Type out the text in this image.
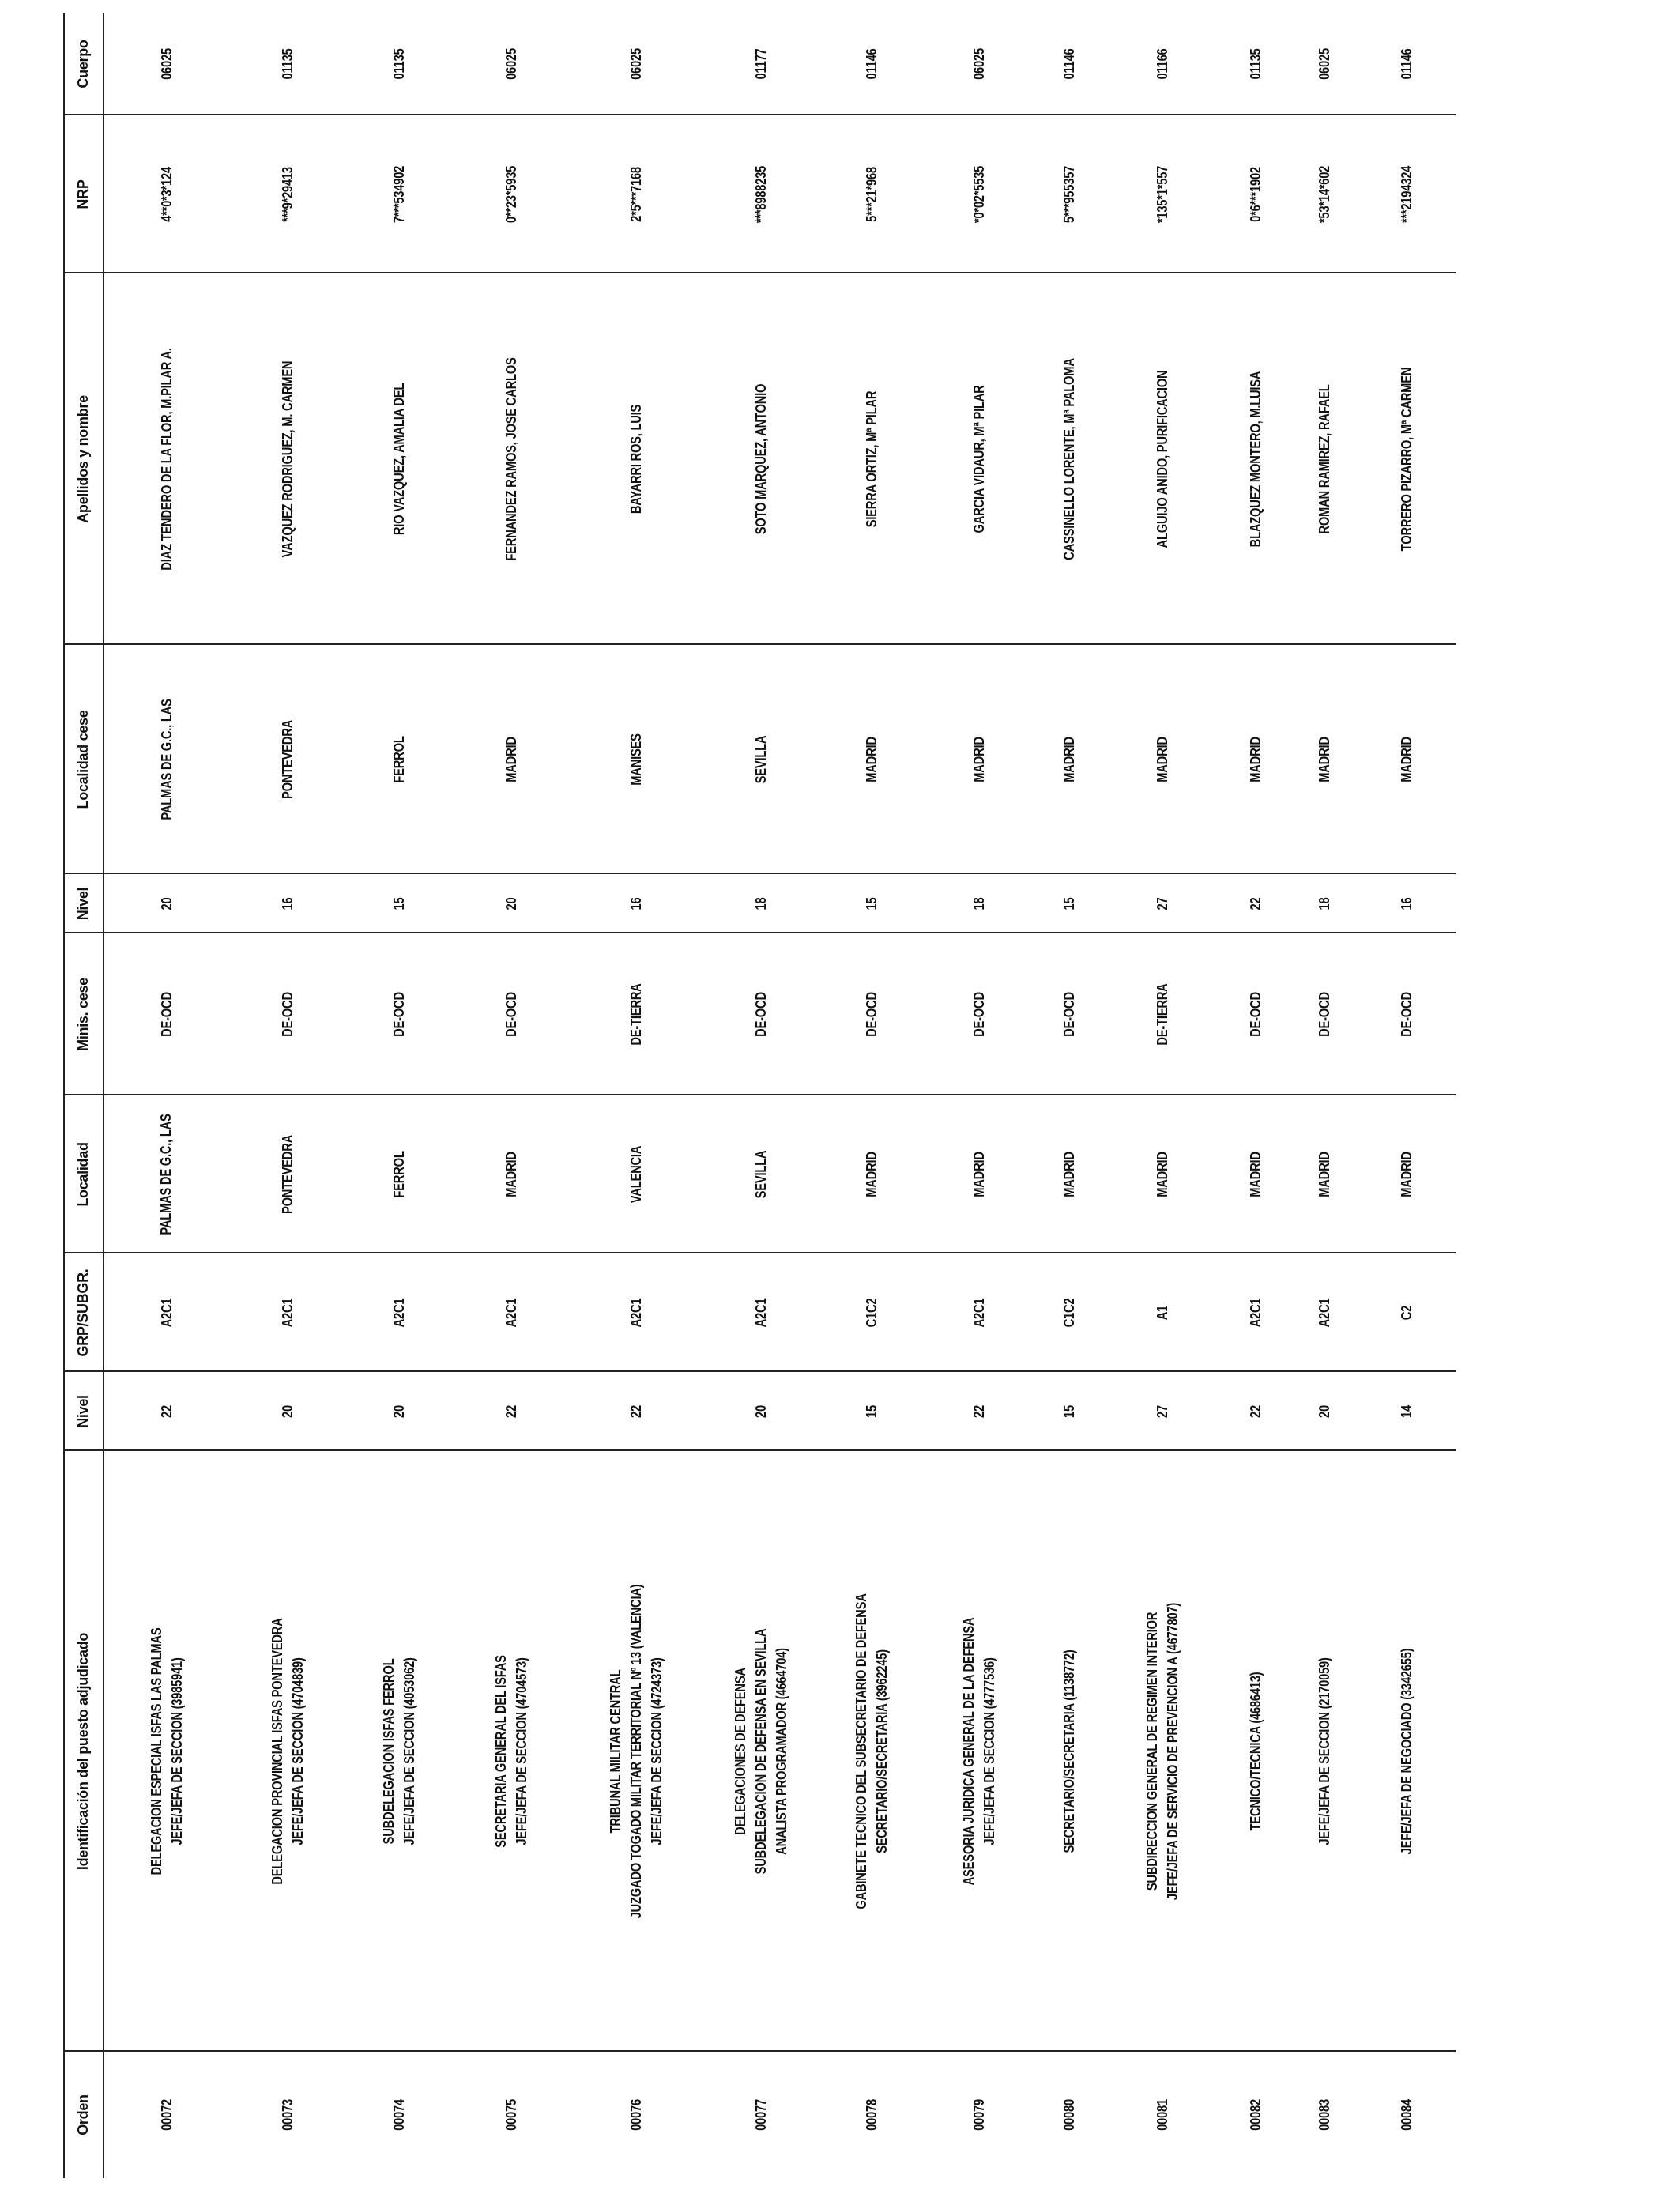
Orden
Identificación del puesto adjudicado
Nivel
GRP/SUBGR.
Localidad
Minis. cese
Nivel
Localidad cese
Apellidos y nombre
NRP
Cuerpo
00072
DELEGACION ESPECIAL ISFAS LAS PALMAS JEFE/JEFA DE SECCION (3985941)
22
A2C1
PALMAS DE G.C., LAS
DE-OCD
20
PALMAS DE G.C., LAS
DIAZ TENDERO DE LA FLOR, M.PILAR A.
4**0*3*124
06025
00073
DELEGACION PROVINCIAL ISFAS PONTEVEDRA JEFE/JEFA DE SECCION (4704839)
20
A2C1
PONTEVEDRA
DE-OCD
16
PONTEVEDRA
VAZQUEZ RODRIGUEZ, M. CARMEN
***9*29413
01135
00074
SUBDELEGACION ISFAS FERROL JEFE/JEFA DE SECCION (4053062)
20
A2C1
FERROL
DE-OCD
15
FERROL
RIO VAZQUEZ, AMALIA DEL
7***534902
01135
00075
SECRETARIA GENERAL DEL ISFAS JEFE/JEFA DE SECCION (4704573)
22
A2C1
MADRID
DE-OCD
20
MADRID
FERNANDEZ RAMOS, JOSE CARLOS
0**23*5935
06025
00076
TRIBUNAL MILITAR CENTRAL JUZGADO TOGADO MILITAR TERRITORIAL Nº 13 (VALENCIA) JEFE/JEFA DE SECCION (4724373)
22
A2C1
VALENCIA
DE-TIERRA
16
MANISES
BAYARRI ROS, LUIS
2*5***7168
06025
00077
DELEGACIONES DE DEFENSA SUBDELEGACION DE DEFENSA EN SEVILLA ANALISTA PROGRAMADOR (4664704)
20
A2C1
SEVILLA
DE-OCD
18
SEVILLA
SOTO MARQUEZ, ANTONIO
***8988235
01177
00078
GABINETE TECNICO DEL SUBSECRETARIO DE DEFENSA SECRETARIO/SECRETARIA (3962245)
15
C1C2
MADRID
DE-OCD
15
MADRID
SIERRA ORTIZ, Mª PILAR
5***21*968
01146
00079
ASESORIA JURIDICA GENERAL DE LA DEFENSA JEFE/JEFA DE SECCION (4777536)
22
A2C1
MADRID
DE-OCD
18
MADRID
GARCIA VIDAUR, Mª PILAR
*0*02*5535
06025
00080
SECRETARIO/SECRETARIA (1138772)
15
C1C2
MADRID
DE-OCD
15
MADRID
CASSINELLO LORENTE, Mª PALOMA
5***955357
01146
00081
SUBDIRECCION GENERAL DE REGIMEN INTERIOR JEFE/JEFA DE SERVICIO DE PREVENCION A (4677807)
27
A1
MADRID
DE-TIERRA
27
MADRID
ALGUIJO ANIDO, PURIFICACION
*135*1*557
01166
00082
TECNICO/TECNICA (4686413)
22
A2C1
MADRID
DE-OCD
22
MADRID
BLAZQUEZ MONTERO, M.LUISA
0*6***1902
01135
00083
JEFE/JEFA DE SECCION (2170059)
20
A2C1
MADRID
DE-OCD
18
MADRID
ROMAN RAMIREZ, RAFAEL
*53*14*602
06025
00084
JEFE/JEFA DE NEGOCIADO (3342655)
14
C2
MADRID
DE-OCD
16
MADRID
TORRERO PIZARRO, Mª CARMEN
***2194324
01146
